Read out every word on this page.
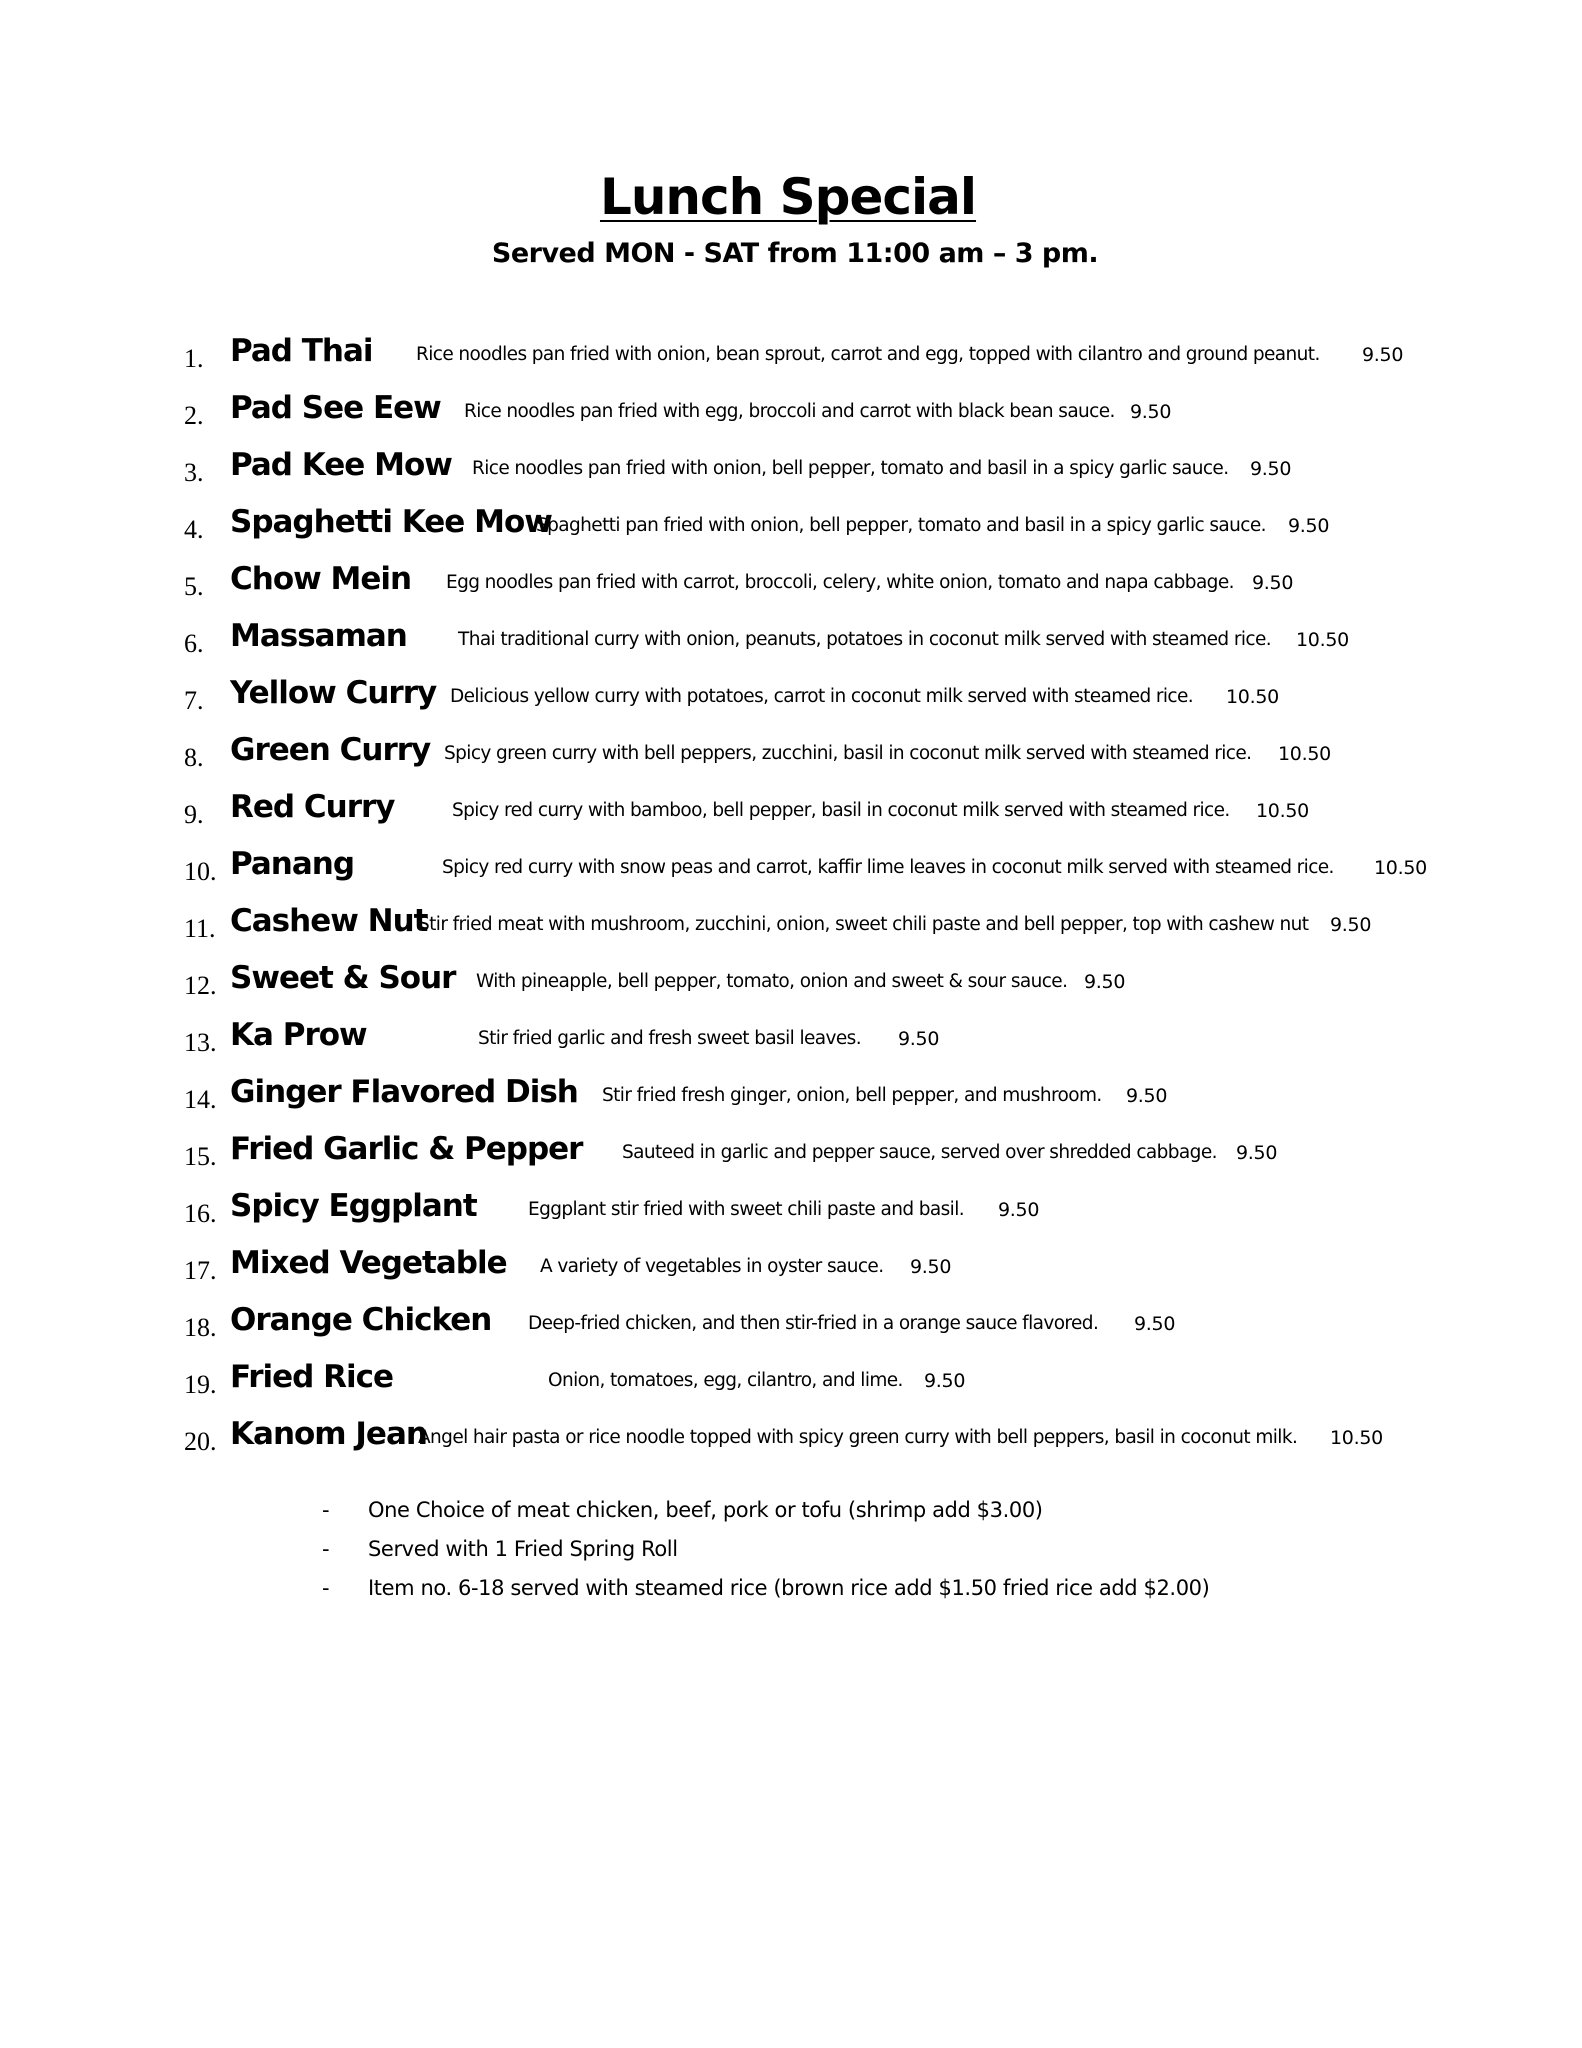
Lunch Special
Served MON - SAT from 11:00 am – 3 pm.
1. Pad Thai Rice noodles pan fried with onion, bean sprout, carrot and egg, topped with cilantro and ground peanut. 9.50
2. Pad See Eew Rice noodles pan fried with egg, broccoli and carrot with black bean sauce. 9.50
3. Pad Kee Mow Rice noodles pan fried with onion, bell pepper, tomato and basil in a spicy garlic sauce. 9.50
4. Spaghetti Kee Mow
Spaghetti pan fried with onion, bell pepper, tomato and basil in a spicy garlic sauce. 9.50
5. Chow Mein Egg noodles pan fried with carrot, broccoli, celery, white onion, tomato and napa cabbage. 9.50
6. Massaman	Thai traditional curry with onion, peanuts, potatoes in coconut milk served with steamed rice. 10.50
7. Yellow Curry Delicious yellow curry with potatoes, carrot in coconut milk served with steamed rice. 10.50
8. Green Curry Spicy green curry with bell peppers, zucchini, basil in coconut milk served with steamed rice. 10.50
9. Red Curry	Spicy red curry with bamboo, bell pepper, basil in coconut milk served with steamed rice. 10.50
10. Panang	Spicy red curry with snow peas and carrot, kaffir lime leaves in coconut milk served with steamed rice. 10.50
11. Cashew Nut
Stir fried meat with mushroom, zucchini, onion, sweet chili paste and bell pepper, top with cashew nut 9.50
12. Sweet & Sour With pineapple, bell pepper, tomato, onion and sweet & sour sauce. 9.50
13. Ka Prow	Stir fried garlic and fresh sweet basil leaves. 9.50
14. Ginger Flavored Dish Stir fried fresh ginger, onion, bell pepper, and mushroom. 9.50
15. Fried Garlic & Pepper Sauteed in garlic and pepper sauce, served over shredded cabbage. 9.50
16. Spicy Eggplant	Eggplant stir fried with sweet chili paste and basil. 9.50
17. Mixed Vegetable A variety of vegetables in oyster sauce. 9.50
18. Orange Chicken Deep-fried chicken, and then stir-fried in a orange sauce flavored. 9.50
19. Fried Rice	Onion, tomatoes, egg, cilantro, and lime. 9.50
20. Kanom Jean
Angel hair pasta or rice noodle topped with spicy green curry with bell peppers, basil in coconut milk. 10.50
- One Choice of meat chicken, beef, pork or tofu (shrimp add $3.00)
- Served with 1 Fried Spring Roll
- Item no. 6-18 served with steamed rice (brown rice add $1.50 fried rice add $2.00)
